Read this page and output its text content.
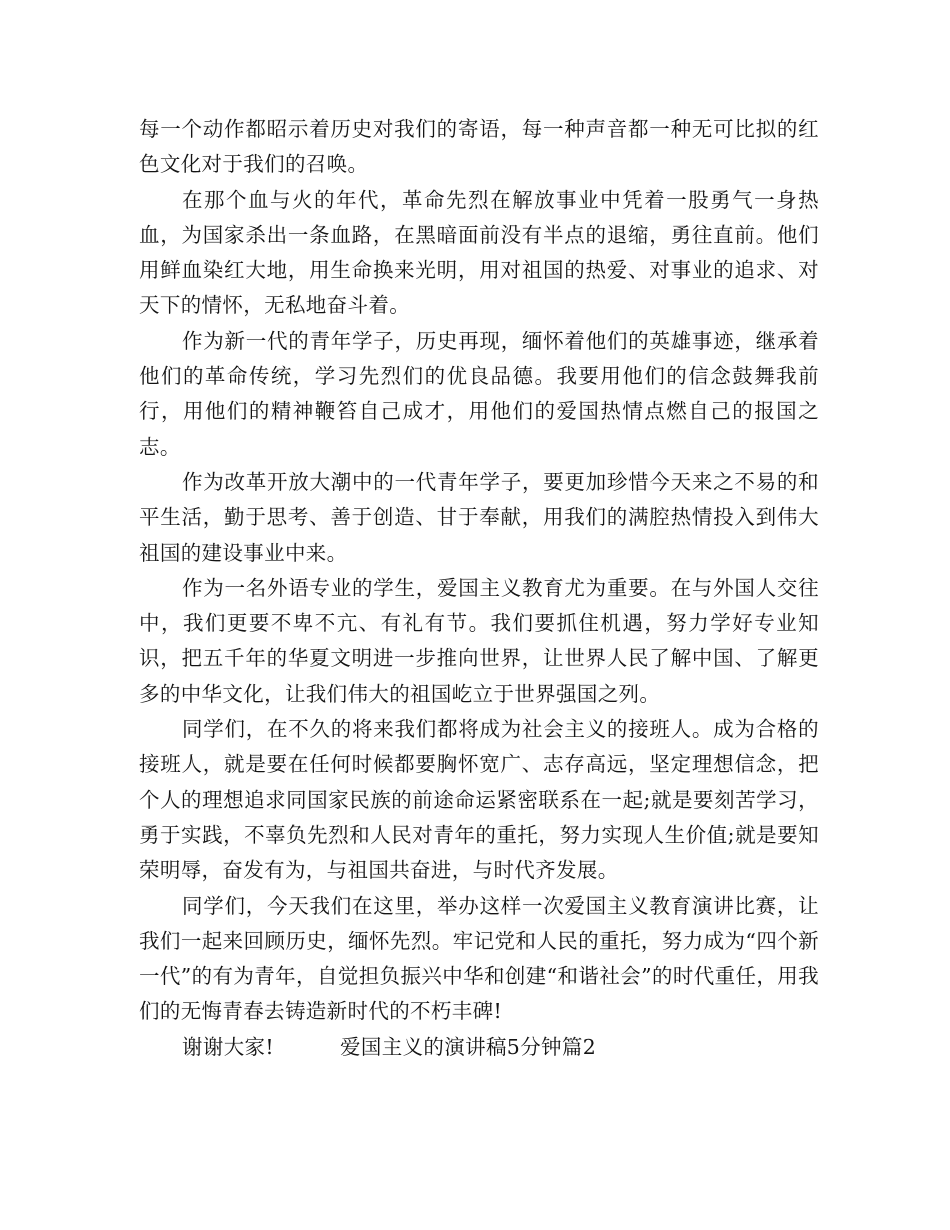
每一个动作都昭示着历史对我们的寄语，每一种声音都一种无可比拟的红色文化对于我们的召唤。

在那个血与火的年代，革命先烈在解放事业中凭着一股勇气一身热血，为国家杀出一条血路，在黑暗面前没有半点的退缩，勇往直前。他们用鲜血染红大地，用生命换来光明，用对祖国的热爱、对事业的追求、对天下的情怀，无私地奋斗着。

作为新一代的青年学子，历史再现，缅怀着他们的英雄事迹，继承着他们的革命传统，学习先烈们的优良品德。我要用他们的信念鼓舞我前行，用他们的精神鞭笞自己成才，用他们的爱国热情点燃自己的报国之志。

作为改革开放大潮中的一代青年学子，要更加珍惜今天来之不易的和平生活，勤于思考、善于创造、甘于奉献，用我们的满腔热情投入到伟大祖国的建设事业中来。

作为一名外语专业的学生，爱国主义教育尤为重要。在与外国人交往中，我们更要不卑不亢、有礼有节。我们要抓住机遇，努力学好专业知识，把五千年的华夏文明进一步推向世界，让世界人民了解中国、了解更多的中华文化，让我们伟大的祖国屹立于世界强国之列。

同学们，在不久的将来我们都将成为社会主义的接班人。成为合格的接班人，就是要在任何时候都要胸怀宽广、志存高远，坚定理想信念，把个人的理想追求同国家民族的前途命运紧密联系在一起;就是要刻苦学习，勇于实践，不辜负先烈和人民对青年的重托，努力实现人生价值;就是要知荣明辱，奋发有为，与祖国共奋进，与时代齐发展。

同学们，今天我们在这里，举办这样一次爱国主义教育演讲比赛，让我们一起来回顾历史，缅怀先烈。牢记党和人民的重托，努力成为“四个新一代”的有为青年，自觉担负振兴中华和创建“和谐社会”的时代重任，用我们的无悔青春去铸造新时代的不朽丰碑!

谢谢大家!	爱国主义的演讲稿5分钟篇2
